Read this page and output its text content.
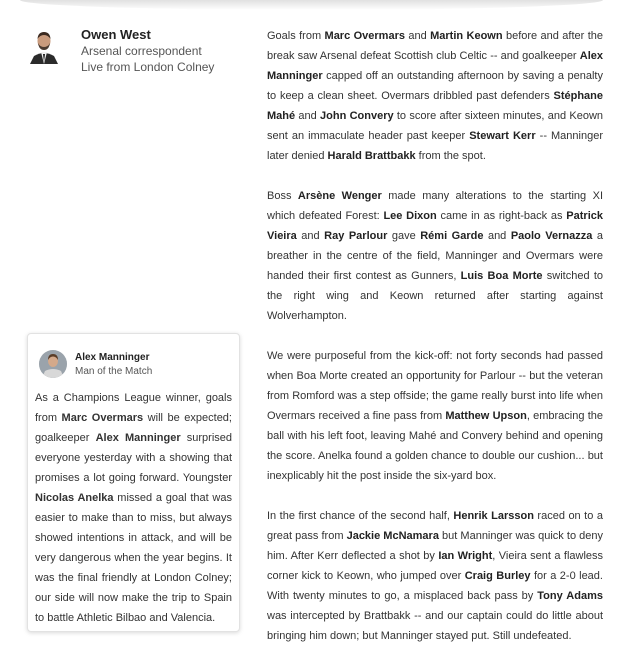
Owen West
Arsenal correspondent
Live from London Colney

Goals from Marc Overmars and Martin Keown before and after the break saw Arsenal defeat Scottish club Celtic -- and goalkeeper Alex Manninger capped off an outstanding afternoon by saving a penalty to keep a clean sheet. Overmars dribbled past defenders Stéphane Mahé and John Convery to score after sixteen minutes, and Keown sent an immaculate header past keeper Stewart Kerr -- Manninger later denied Harald Brattbakk from the spot.

Boss Arsène Wenger made many alterations to the starting XI which defeated Forest: Lee Dixon came in as right-back as Patrick Vieira and Ray Parlour gave Rémi Garde and Paolo Vernazza a breather in the centre of the field, Manninger and Overmars were handed their first contest as Gunners, Luis Boa Morte switched to the right wing and Keown returned after starting against Wolverhampton.

We were purposeful from the kick-off: not forty seconds had passed when Boa Morte created an opportunity for Parlour -- but the veteran from Romford was a step offside; the game really burst into life when Overmars received a fine pass from Matthew Upson, embracing the ball with his left foot, leaving Mahé and Convery behind and opening the score. Anelka found a golden chance to double our cushion... but inexplicably hit the post inside the six-yard box.

In the first chance of the second half, Henrik Larsson raced on to a great pass from Jackie McNamara but Manninger was quick to deny him. After Kerr deflected a shot by Ian Wright, Vieira sent a flawless corner kick to Keown, who jumped over Craig Burley for a 2-0 lead. With twenty minutes to go, a misplaced back pass by Tony Adams was intercepted by Brattbakk -- and our captain could do little about bringing him down; but Manninger stayed put. Still undefeated.

Alex Manninger
Man of the Match

As a Champions League winner, goals from Marc Overmars will be expected; goalkeeper Alex Manninger surprised everyone yesterday with a showing that promises a lot going forward. Youngster Nicolas Anelka missed a goal that was easier to make than to miss, but always showed intentions in attack, and will be very dangerous when the year begins. It was the final friendly at London Colney; our side will now make the trip to Spain to battle Athletic Bilbao and Valencia.
